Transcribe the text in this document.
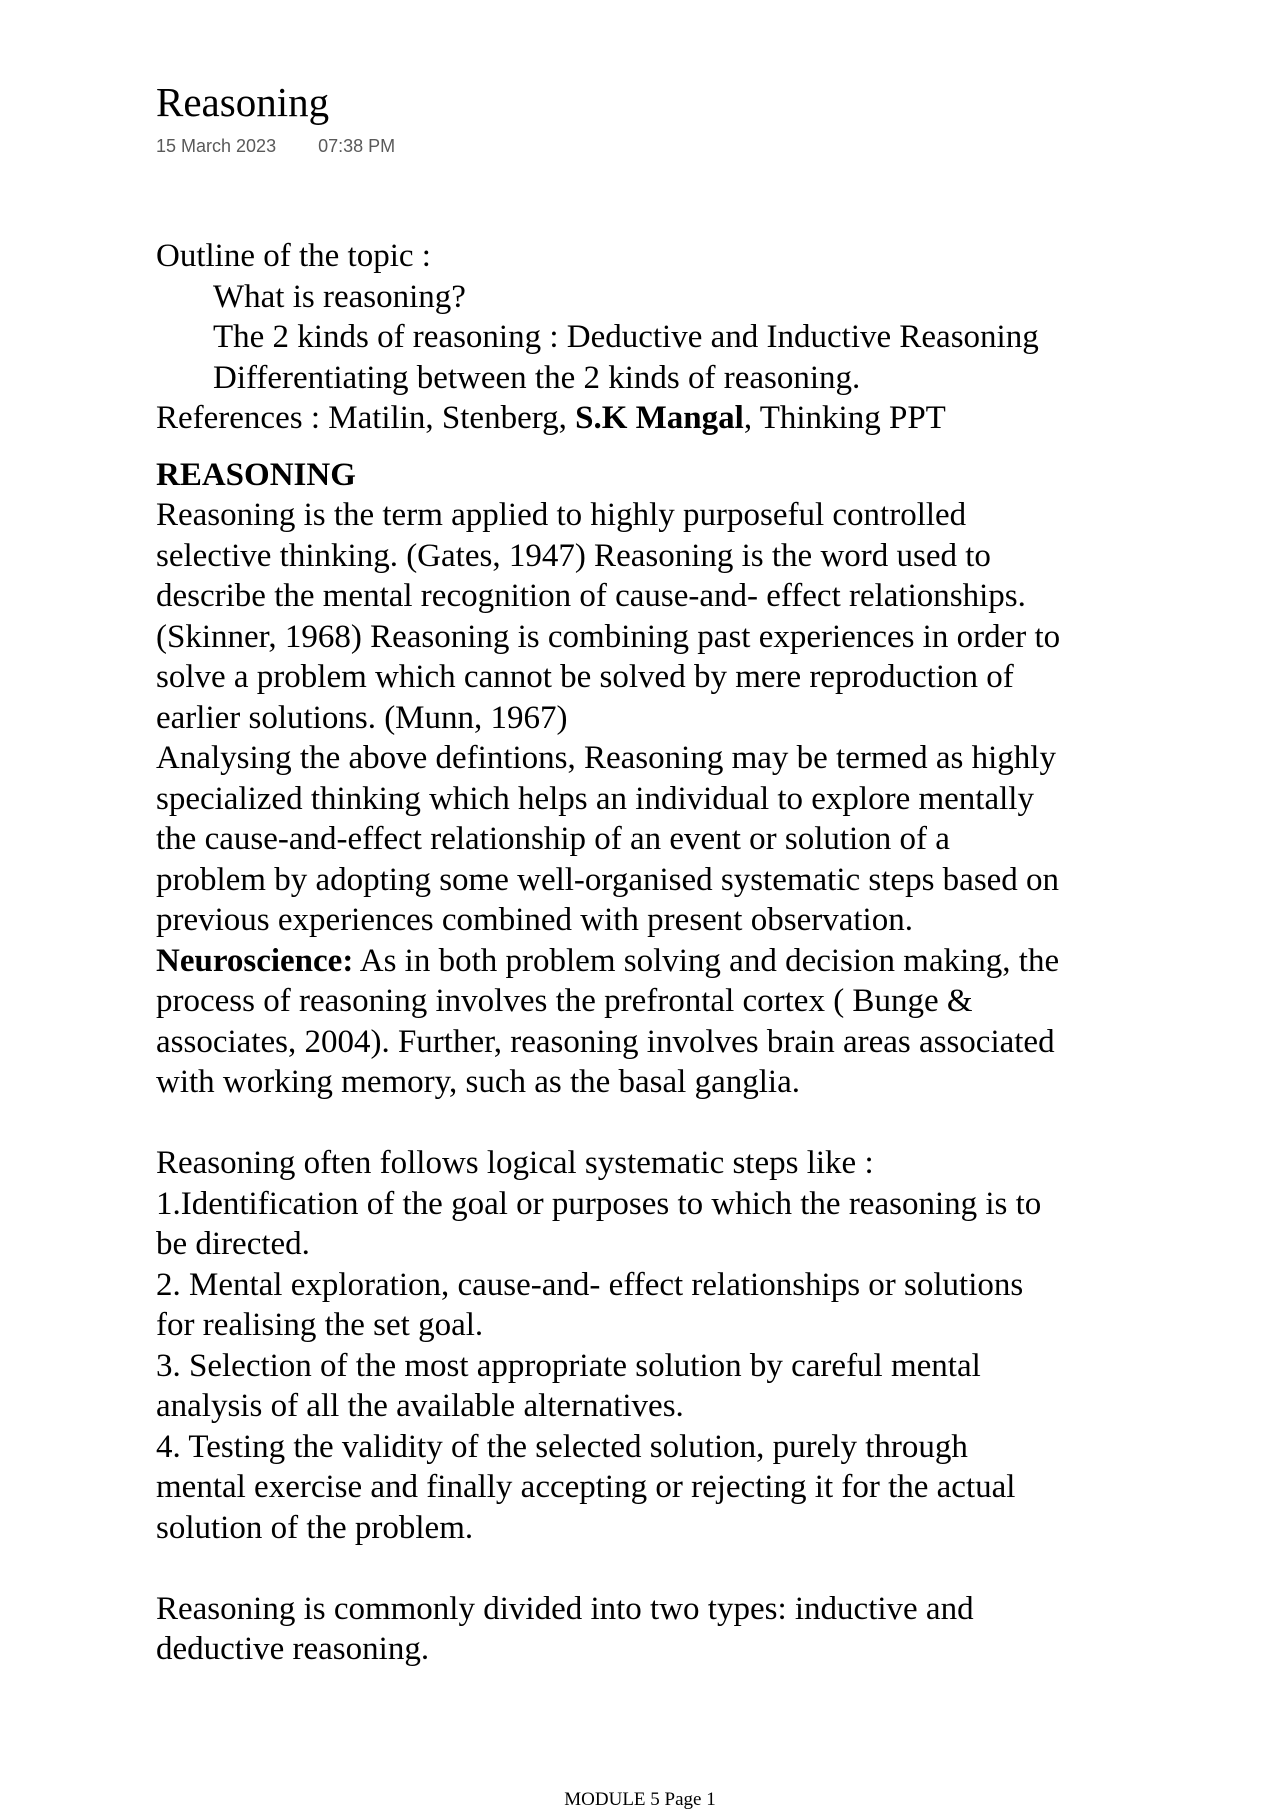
Reasoning
15 March 2023 07:38 PM
Outline of the topic :
What is reasoning?
The 2 kinds of reasoning : Deductive and Inductive Reasoning
Differentiating between the 2 kinds of reasoning.
References : Matilin, Stenberg, S.K Mangal, Thinking PPT
REASONING
Reasoning is the term applied to highly purposeful controlled
selective thinking. (Gates, 1947) Reasoning is the word used to
describe the mental recognition of cause-and- effect relationships.
(Skinner, 1968) Reasoning is combining past experiences in order to
solve a problem which cannot be solved by mere reproduction of
earlier solutions. (Munn, 1967)
Analysing the above defintions, Reasoning may be termed as highly
specialized thinking which helps an individual to explore mentally
the cause-and-effect relationship of an event or solution of a
problem by adopting some well-organised systematic steps based on
previous experiences combined with present observation.
Neuroscience: As in both problem solving and decision making, the
process of reasoning involves the prefrontal cortex ( Bunge &
associates, 2004). Further, reasoning involves brain areas associated
with working memory, such as the basal ganglia.
Reasoning often follows logical systematic steps like :
1.Identification of the goal or purposes to which the reasoning is to
be directed.
2. Mental exploration, cause-and- effect relationships or solutions
for realising the set goal.
3. Selection of the most appropriate solution by careful mental
analysis of all the available alternatives.
4. Testing the validity of the selected solution, purely through
mental exercise and finally accepting or rejecting it for the actual
solution of the problem.
Reasoning is commonly divided into two types: inductive and
deductive reasoning.
MODULE 5 Page 1
